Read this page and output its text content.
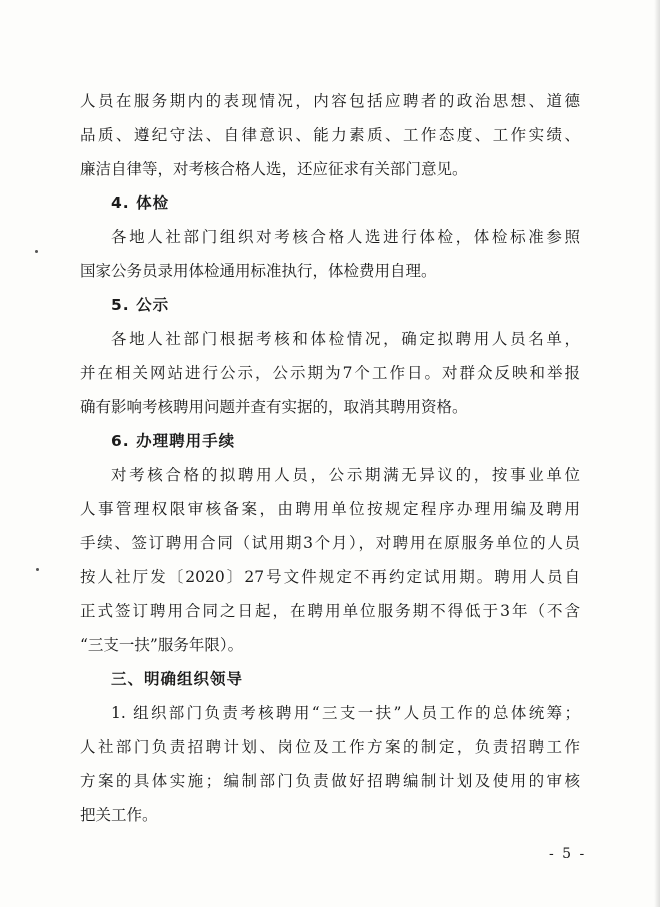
人员在服务期内的表现情况，内容包括应聘者的政治思想、道德
品质、遵纪守法、自律意识、能力素质、工作态度、工作实绩、
廉洁自律等，对考核合格人选，还应征求有关部门意见。
4. 体检
各地人社部门组织对考核合格人选进行体检，体检标准参照
国家公务员录用体检通用标准执行，体检费用自理。
5. 公示
各地人社部门根据考核和体检情况，确定拟聘用人员名单，
并在相关网站进行公示，公示期为7个工作日。对群众反映和举报
确有影响考核聘用问题并查有实据的，取消其聘用资格。
6. 办理聘用手续
对考核合格的拟聘用人员，公示期满无异议的，按事业单位
人事管理权限审核备案，由聘用单位按规定程序办理用编及聘用
手续、签订聘用合同（试用期3个月），对聘用在原服务单位的人员
按人社厅发〔2020〕27号文件规定不再约定试用期。聘用人员自
正式签订聘用合同之日起，在聘用单位服务期不得低于3年（不含
“三支一扶”服务年限）。
三、明确组织领导
1. 组织部门负责考核聘用“三支一扶”人员工作的总体统筹；
人社部门负责招聘计划、岗位及工作方案的制定，负责招聘工作
方案的具体实施；编制部门负责做好招聘编制计划及使用的审核
把关工作。
- 5 -
